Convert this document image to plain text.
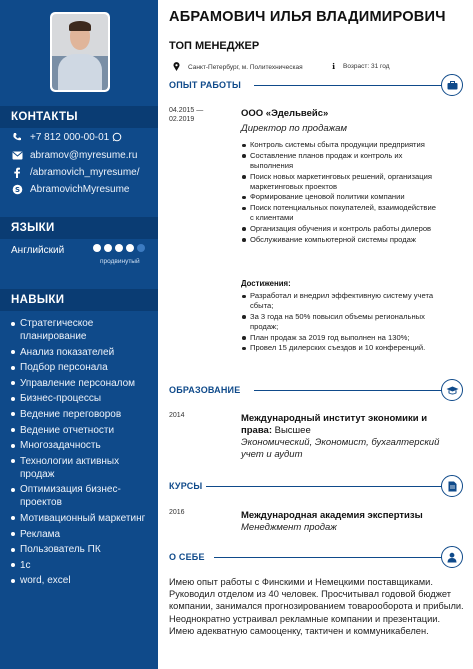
КОНТАКТЫ
+7 812 000-00-01
abramov@myresume.ru
/abramovich_myresume/
S AbramovichMyresume
ЯЗЫКИ
Английский
продвинутый
НАВЫКИ
Стратегическое планирование
Анализ показателей
Подбор персонала
Управление персоналом
Бизнес-процессы
Ведение переговоров
Ведение отчетности
Многозадачность
Технологии активных продаж
Оптимизация бизнес-проектов
Мотивационный маркетинг
Реклама
Пользователь ПК
1c
word, excel
АБРАМОВИЧ ИЛЬЯ ВЛАДИМИРОВИЧ
ТОП МЕНЕДЖЕР
Санкт-Петербург, м. Политехническая	ℹ Возраст: 31 год
ОПЫТ РАБОТЫ
04.2015 —
02.2019
ООО «Эдельвейс»
Директор по продажам
Контроль системы сбыта продукции предприятия
Составление планов продаж и контроль их выполнения
Поиск новых маркетинговых решений, организация маркетинговых проектов
Формирование ценовой политики компании
Поиск потенциальных покупателей, взаимодействие с клиентами
Организация обучения и контроль работы дилеров
Обслуживание компьютерной системы продаж
Достижения:
Разработал и внедрил эффективную систему учета сбыта;
За 3 года на 50% повысил объемы региональных продаж;
План продаж за 2019 год выполнен на 130%;
Провел 15 дилерских съездов и 10 конференций.
ОБРАЗОВАНИЕ
2014	Международный институт экономики и права: Высшее
Экономический, Экономист, бухгалтерский учет и аудит
КУРСЫ
2016	Международная академия экспертизы
Менеджмент продаж
О СЕБЕ
Имею опыт работы с Финскими и Немецкими поставщиками. Руководил отделом из 40 человек. Просчитывал годовой бюджет компании, занимался прогнозированием товарооборота и прибыли. Неоднократно устраивал рекламные компании и презентации. Имею адекватную самооценку, тактичен и коммуникабелен.
